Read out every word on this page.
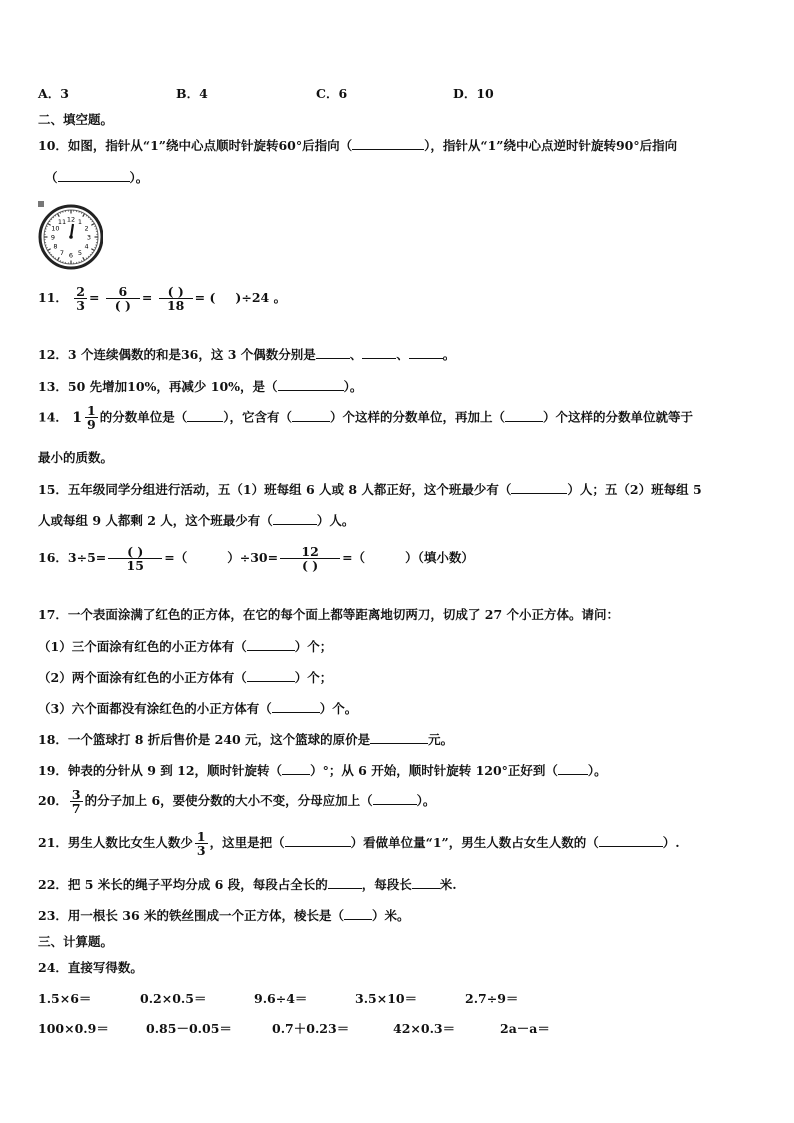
A．3	B．4	C．6	D．10
二、填空题。
10．如图，指针从“1”绕中心点顺时针旋转60°后指向（	），指针从“1”绕中心点逆时针旋转90°后指向
（	）。
12 1
2
3
4
5
6
7
8
9
10
11
11． $\frac{2}{3} = \frac{6}{( )} = \frac{( )}{18}$ = ( )÷24 。
12．3 个连续偶数的和是36，这 3 个偶数分别是	、	、	。
13．50 先增加10%，再减少 10%，是（	）。
14． $1 \frac{1}{9}$ 的分数单位是（	），它含有（	）个这样的分数单位，再加上（	）个这样的分数单位就等于
最小的质数。
15．五年级同学分组进行活动，五（1）班每组 6 人或 8 人都正好，这个班最少有（	）人；五（2）班每组 5
人或每组 9 人都剩 2 人，这个班最少有（	）人。
16．$3\div 5= \frac{( )}{15}$ =（	）$\div 30= \frac{12}{( )}$ =（	）（填小数）
17．一个表面涂满了红色的正方体，在它的每个面上都等距离地切两刀，切成了 27 个小正方体。请问：
（1）三个面涂有红色的小正方体有（	）个；
（2）两个面涂有红色的小正方体有（	）个；
（3）六个面都没有涂红色的小正方体有（	）个。
18．一个篮球打 8 折后售价是 240 元，这个篮球的原价是	元。
19．钟表的分针从 9 到 12，顺时针旋转（ ）°；从 6 开始，顺时针旋转 120°正好到（ ）。
20． $\frac{3}{7}$ 的分子加上 6，要使分数的大小不变，分母应加上（	）。
21．男生人数比女生人数少 $\frac{1}{3}$ ，这里是把（	）看做单位量“1”，男生人数占女生人数的（	）.
22．把 5 米长的绳子平均分成 6 段，每段占全长的	，每段长 米.
23．用一根长 36 米的铁丝围成一个正方体，棱长是（ ）米。
三、计算题。
24．直接写得数。
1.5×6＝	0.2×0.5＝	9.6÷4＝	3.5×10＝	2.7÷9＝
100×0.9＝	0.85－0.05＝	0.7＋0.23＝	42×0.3＝	2a－a＝
